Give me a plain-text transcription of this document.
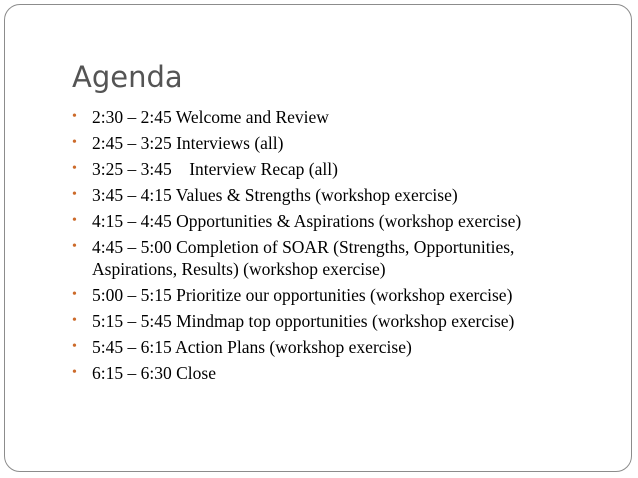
Agenda
•
2:30 – 2:45 Welcome and Review
•
2:45 – 3:25 Interviews (all)
•
3:25 – 3:45    Interview Recap (all)
•
3:45 – 4:15 Values & Strengths (workshop exercise)
•
4:15 – 4:45 Opportunities & Aspirations (workshop exercise)
•
4:45 – 5:00 Completion of SOAR (Strengths, Opportunities, Aspirations, Results) (workshop exercise)
•
5:00 – 5:15 Prioritize our opportunities (workshop exercise)
•
5:15 – 5:45 Mindmap top opportunities (workshop exercise)
•
5:45 – 6:15 Action Plans (workshop exercise)
•
6:15 – 6:30 Close
